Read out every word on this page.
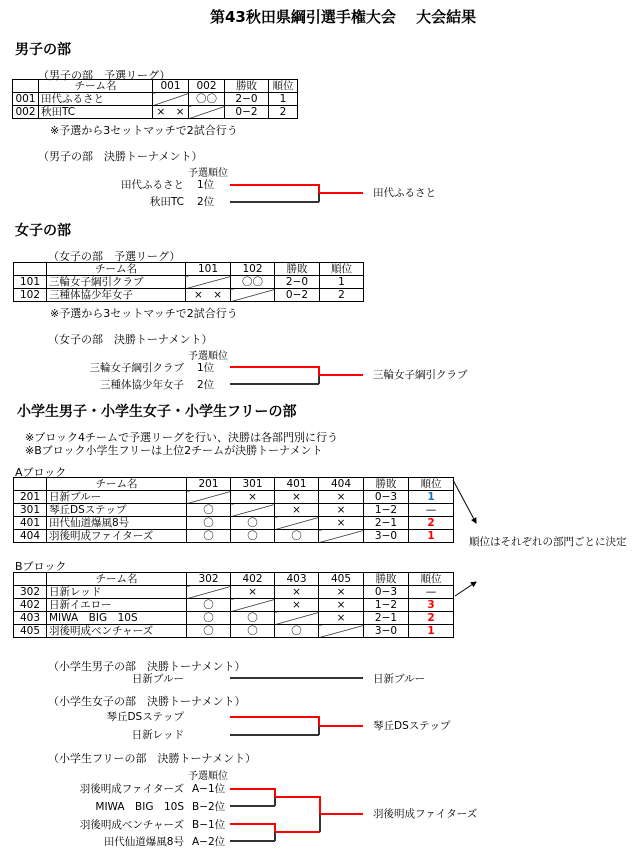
第43秋田県綱引選手権大会　 大会結果
男子の部
（男子の部　予選リーグ）
	チーム名	001	002	勝敗	順位
001	田代ふるさと		〇〇	2−0	1
002	秋田TC	×　×		0−2	2
※予選から3セットマッチで2試合行う
（男子の部　決勝トーナメント）
予選順位
田代ふるさと 1位
秋田TC 2位
田代ふるさと
女子の部
（女子の部　予選リーグ）
	チーム名	101	102	勝敗	順位
101	三輪女子綱引クラブ		〇〇	2−0	1
102	三種体協少年女子	×　×		0−2	2
※予選から3セットマッチで2試合行う
（女子の部　決勝トーナメント）
予選順位
三輪女子綱引クラブ 1位
三種体協少年女子 2位
三輪女子綱引クラブ
小学生男子・小学生女子・小学生フリーの部
※ブロック4チームで予選リーグを行い、決勝は各部門別に行う
※Bブロック小学生フリーは上位2チームが決勝トーナメント
Aブロック
	チーム名	201	301	401	404	勝敗	順位
201	日新ブルー		×	×	×	0−3	1
301	琴丘DSステップ	〇		×	×	1−2	—
401	田代仙道爆風8号	〇	〇		×	2−1	2
404	羽後明成ファイターズ	〇	〇	〇		3−0	1	順位はそれぞれの部門ごとに決定
Bブロック
	チーム名	302	402	403	405	勝敗	順位
302	日新レッド		×	×	×	0−3	—
402	日新イエロー	〇		×	×	1−2	3
403	MIWA　BIG　10S	〇	〇		×	2−1	2
405	羽後明成ベンチャーズ	〇	〇	〇		3−0	1
（小学生男子の部　決勝トーナメント）
日新ブルー	日新ブルー
（小学生女子の部　決勝トーナメント）
琴丘DSステップ
日新レッド
琴丘DSステップ
（小学生フリーの部　決勝トーナメント）
予選順位
羽後明成ファイターズ A−1位
MIWA　BIG　10S B−2位
羽後明成ベンチャーズ B−1位
田代仙道爆風8号 A−2位
羽後明成ファイターズ
